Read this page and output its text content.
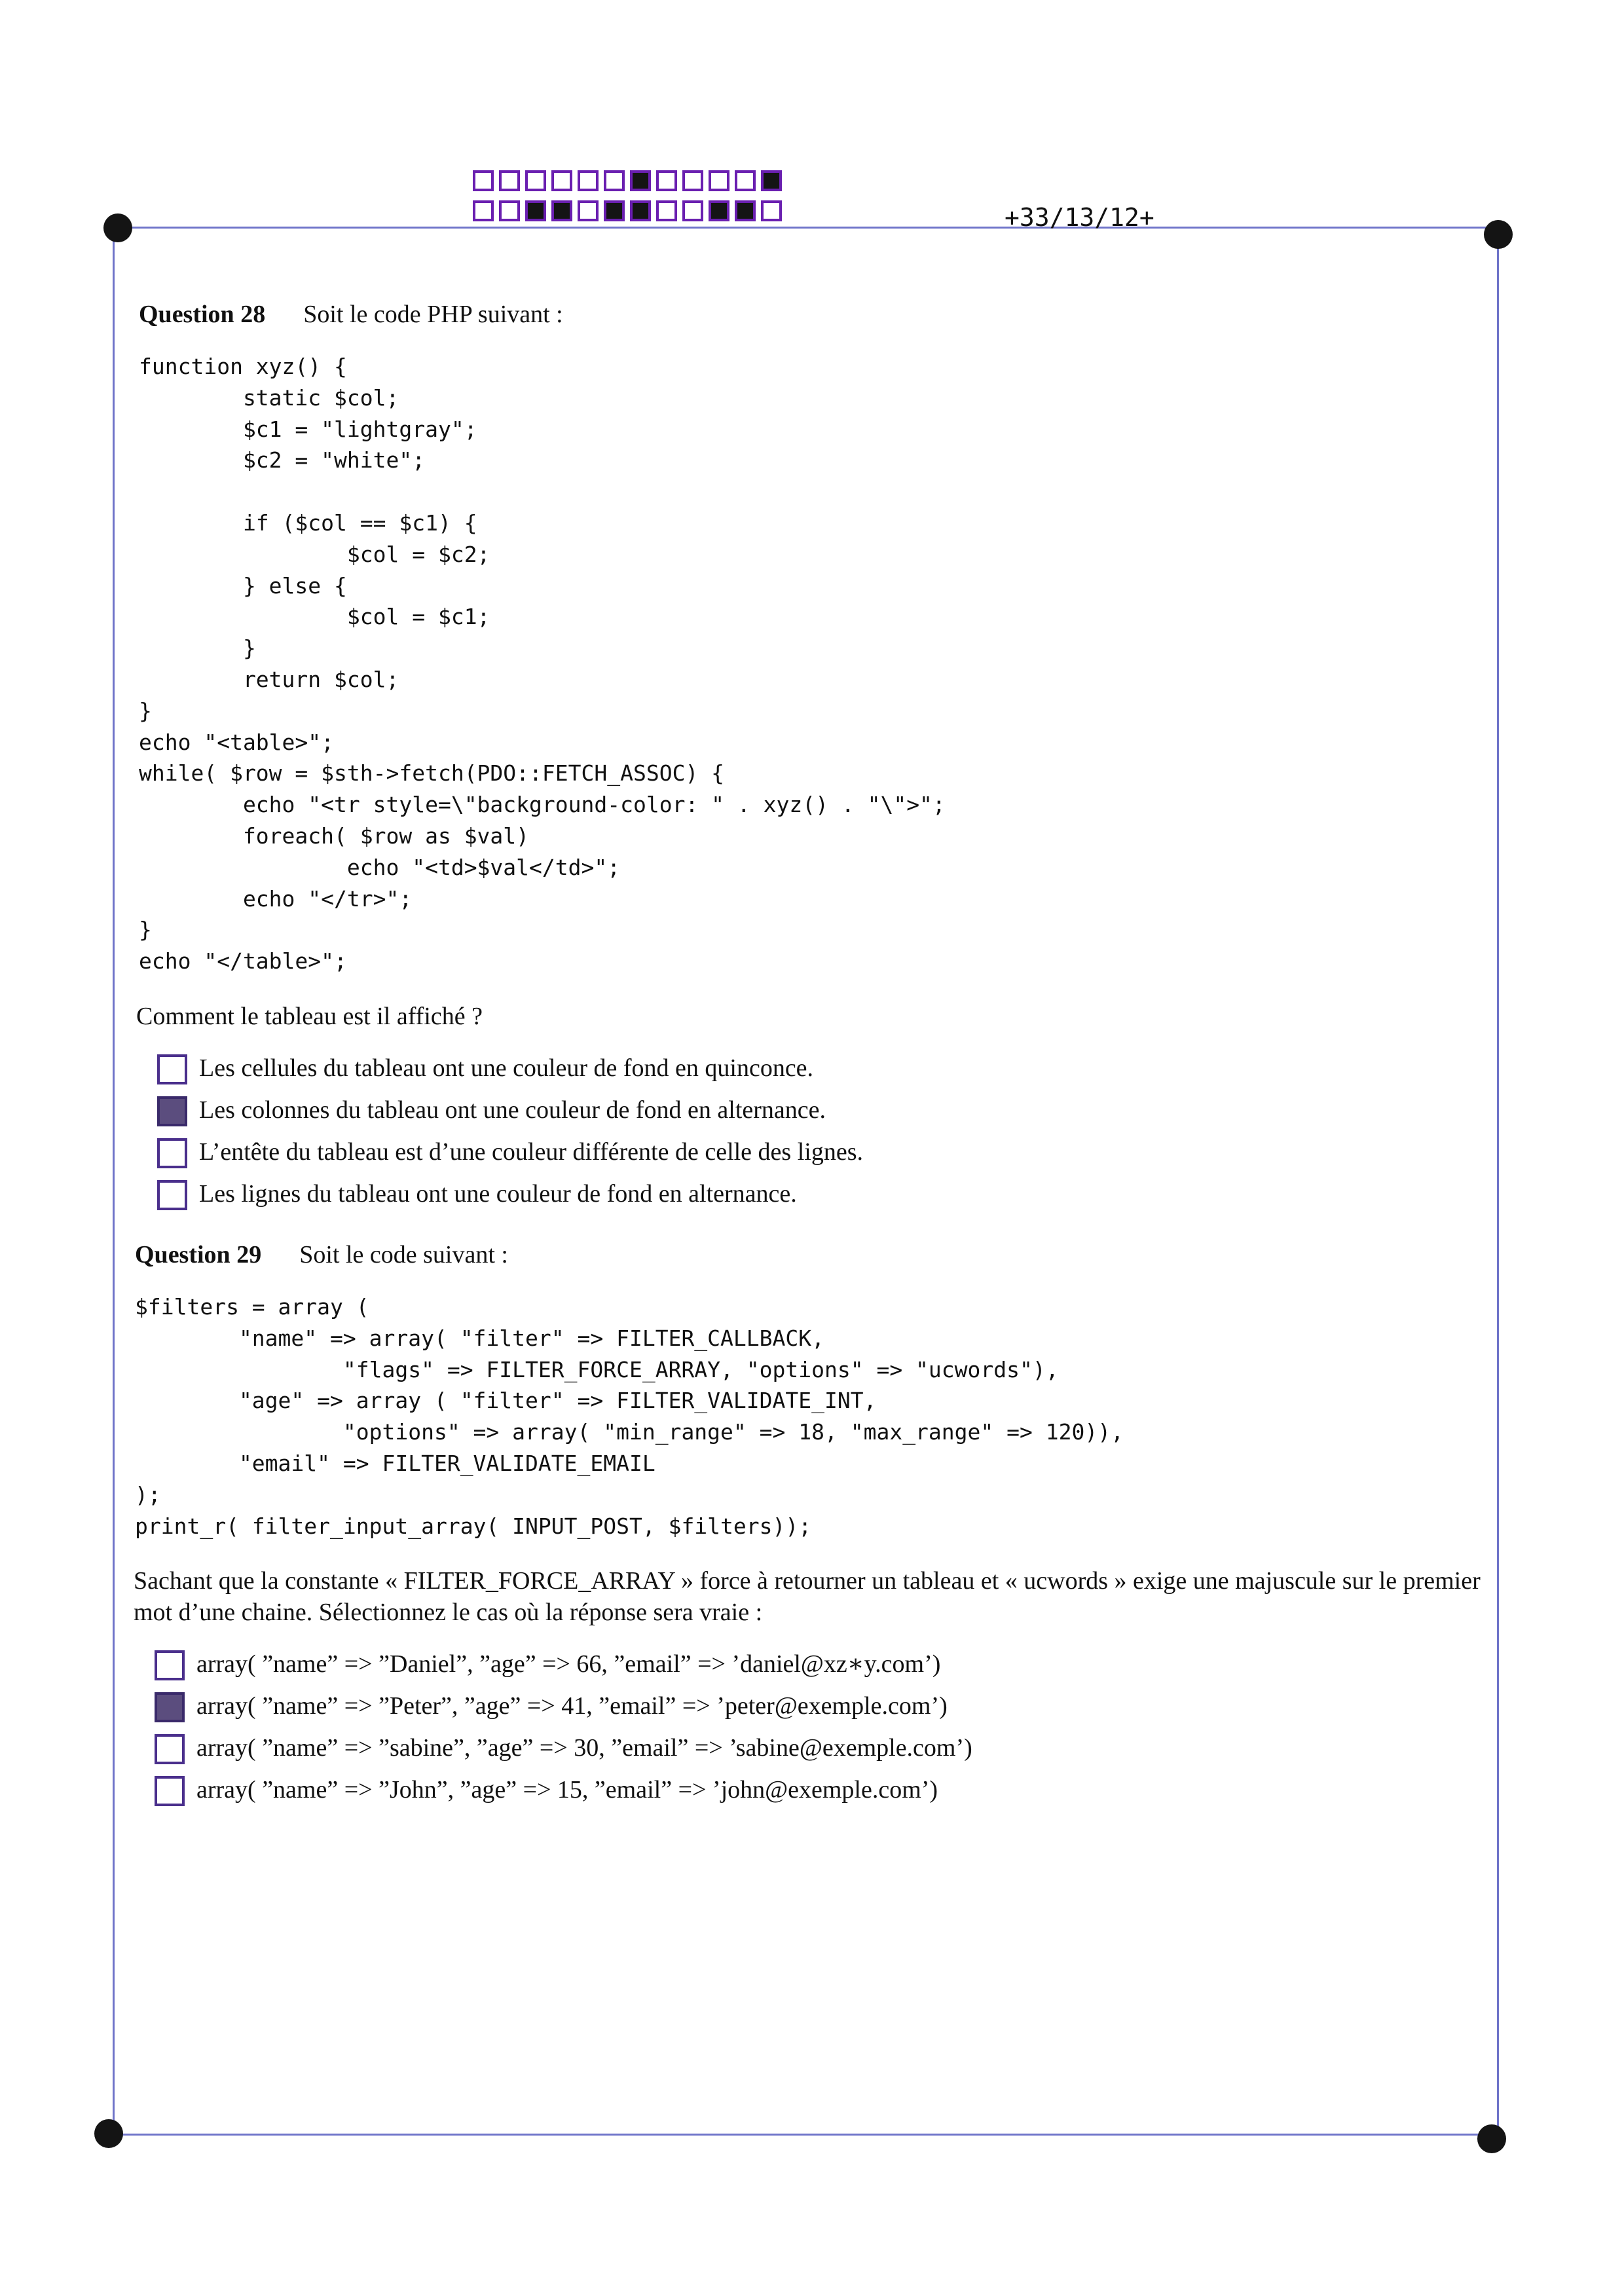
+33/13/12+
Question 28 Soit le code PHP suivant :
function xyz() {
static $col;
$c1 = "lightgray";
$c2 = "white";

if ($col == $c1) {
$col = $c2;
} else {
$col = $c1;
}
return $col;
}
echo "<table>";
while( $row = $sth->fetch(PDO::FETCH_ASSOC) {
echo "<tr style=\"background-color: " . xyz() . "\">";
foreach( $row as $val)
echo "<td>$val</td>";
echo "</tr>";
}
echo "</table>";
Comment le tableau est il affiché ?
Les cellules du tableau ont une couleur de fond en quinconce.
Les colonnes du tableau ont une couleur de fond en alternance.
L’entête du tableau est d’une couleur différente de celle des lignes.
Les lignes du tableau ont une couleur de fond en alternance.
Question 29 Soit le code suivant :
$filters = array (
"name" => array( "filter" => FILTER_CALLBACK,
"flags" => FILTER_FORCE_ARRAY, "options" => "ucwords"),
"age" => array ( "filter" => FILTER_VALIDATE_INT,
"options" => array( "min_range" => 18, "max_range" => 120)),
"email" => FILTER_VALIDATE_EMAIL
);
print_r( filter_input_array( INPUT_POST, $filters));
Sachant que la constante « FILTER_FORCE_ARRAY » force à retourner un tableau et « ucwords » exige une majuscule sur le premier mot d’une chaine. Sélectionnez le cas où la réponse sera vraie :
array( ”name” => ”Daniel”, ”age” => 66, ”email” => ’daniel@xz∗y.com’)
array( ”name” => ”Peter”, ”age” => 41, ”email” => ’peter@exemple.com’)
array( ”name” => ”sabine”, ”age” => 30, ”email” => ’sabine@exemple.com’)
array( ”name” => ”John”, ”age” => 15, ”email” => ’john@exemple.com’)
